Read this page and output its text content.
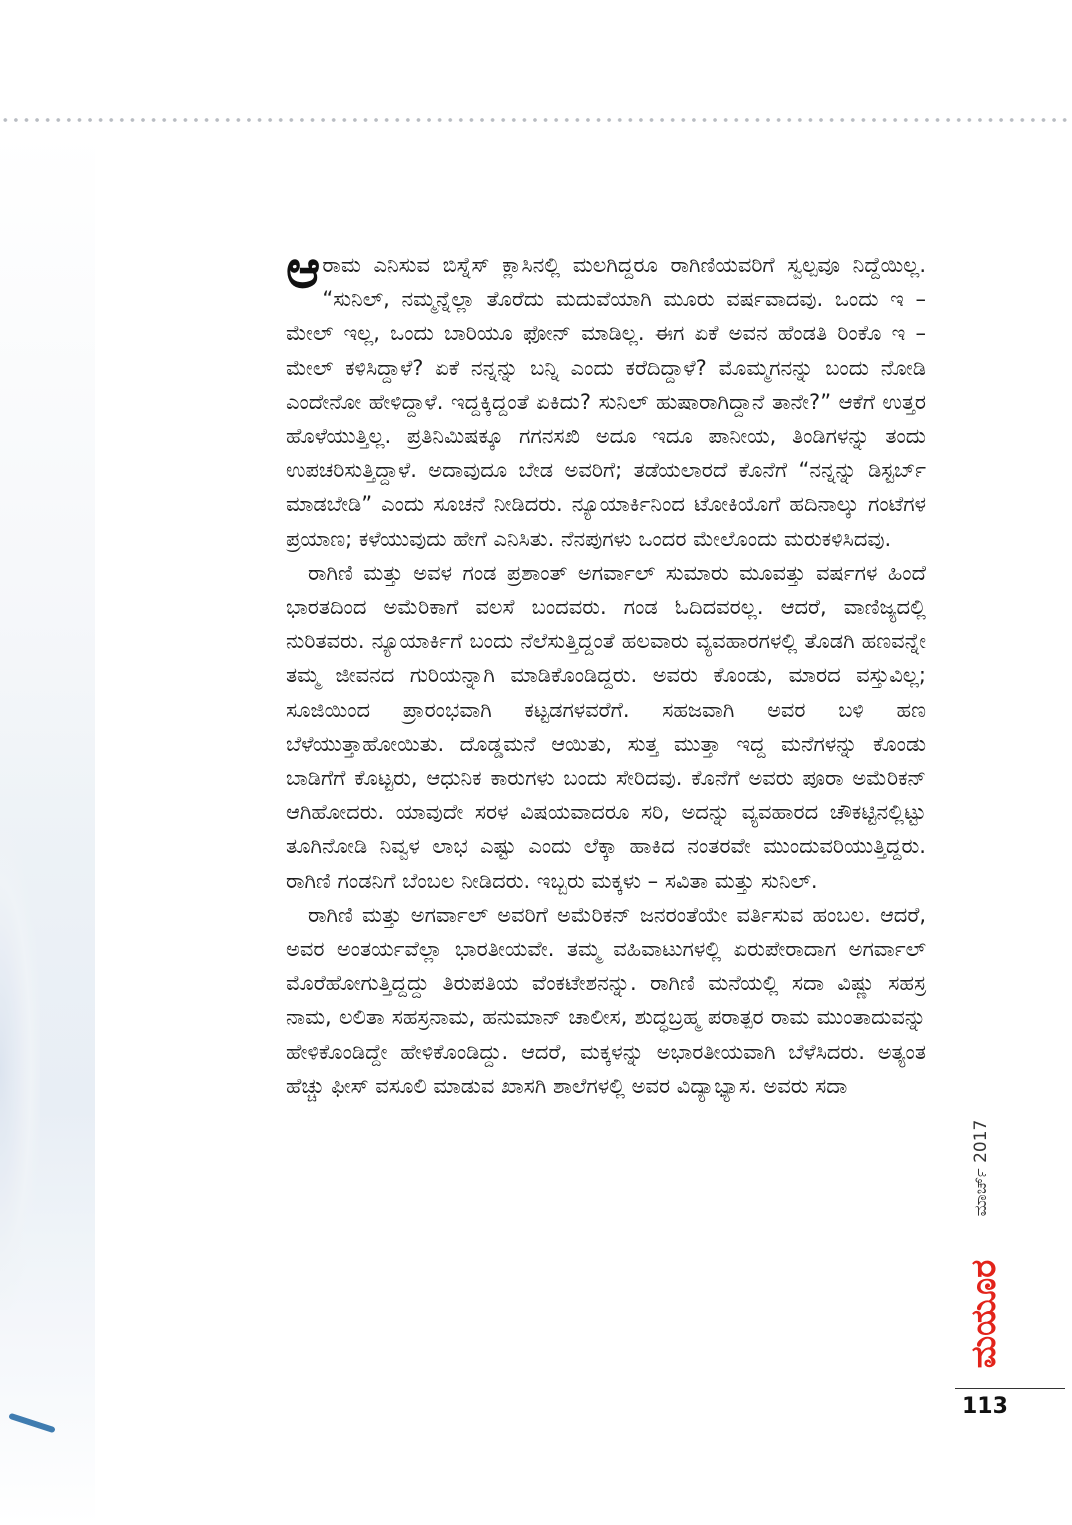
ಆರಾಮ ಎನಿಸುವ ಬಿಸ್ನೆಸ್ ಕ್ಲಾಸಿನಲ್ಲಿ ಮಲಗಿದ್ದರೂ ರಾಗಿಣಿಯವರಿಗೆ ಸ್ವಲ್ಪವೂ ನಿದ್ದೆಯಿಲ್ಲ. “ಸುನಿಲ್, ನಮ್ಮನ್ನೆಲ್ಲಾ ತೊರೆದು ಮದುವೆಯಾಗಿ ಮೂರು ವರ್ಷವಾದವು. ಒಂದು ಇ – ಮೇಲ್ ಇಲ್ಲ, ಒಂದು ಬಾರಿಯೂ ಫೋನ್ ಮಾಡಿಲ್ಲ. ಈಗ ಏಕೆ ಅವನ ಹೆಂಡತಿ ರಿಂಕೊ ಇ – ಮೇಲ್ ಕಳಿಸಿದ್ದಾಳೆ? ಏಕೆ ನನ್ನನ್ನು ಬನ್ನಿ ಎಂದು ಕರೆದಿದ್ದಾಳೆ? ಮೊಮ್ಮಗನನ್ನು ಬಂದು ನೋಡಿ ಎಂದೇನೋ ಹೇಳಿದ್ದಾಳೆ. ಇದ್ದಕ್ಕಿದ್ದಂತೆ ಏಕಿದು? ಸುನಿಲ್ ಹುಷಾರಾಗಿದ್ದಾನೆ ತಾನೇ?” ಆಕೆಗೆ ಉತ್ತರ ಹೊಳೆಯುತ್ತಿಲ್ಲ. ಪ್ರತಿನಿಮಿಷಕ್ಕೂ ಗಗನಸಖಿ ಅದೂ ಇದೂ ಪಾನೀಯ, ತಿಂಡಿಗಳನ್ನು ತಂದು ಉಪಚರಿಸುತ್ತಿದ್ದಾಳೆ. ಅದಾವುದೂ ಬೇಡ ಅವರಿಗೆ; ತಡೆಯಲಾರದೆ ಕೊನೆಗೆ “ನನ್ನನ್ನು ಡಿಸ್ಟರ್ಬ್ ಮಾಡಬೇಡಿ” ಎಂದು ಸೂಚನೆ ನೀಡಿದರು. ನ್ಯೂಯಾರ್ಕಿನಿಂದ ಟೋಕಿಯೊಗೆ ಹದಿನಾಲ್ಕು ಗಂಟೆಗಳ ಪ್ರಯಾಣ; ಕಳೆಯುವುದು ಹೇಗೆ ಎನಿಸಿತು. ನೆನಪುಗಳು ಒಂದರ ಮೇಲೊಂದು ಮರುಕಳಿಸಿದವು.

ರಾಗಿಣಿ ಮತ್ತು ಅವಳ ಗಂಡ ಪ್ರಶಾಂತ್ ಅಗರ್ವಾಲ್ ಸುಮಾರು ಮೂವತ್ತು ವರ್ಷಗಳ ಹಿಂದೆ ಭಾರತದಿಂದ ಅಮೆರಿಕಾಗೆ ವಲಸೆ ಬಂದವರು. ಗಂಡ ಓದಿದವರಲ್ಲ. ಆದರೆ, ವಾಣಿಜ್ಯದಲ್ಲಿ ನುರಿತವರು. ನ್ಯೂಯಾರ್ಕಿಗೆ ಬಂದು ನೆಲೆಸುತ್ತಿದ್ದಂತೆ ಹಲವಾರು ವ್ಯವಹಾರಗಳಲ್ಲಿ ತೊಡಗಿ ಹಣವನ್ನೇ ತಮ್ಮ ಜೀವನದ ಗುರಿಯನ್ನಾಗಿ ಮಾಡಿಕೊಂಡಿದ್ದರು. ಅವರು ಕೊಂಡು, ಮಾರದ ವಸ್ತುವಿಲ್ಲ; ಸೂಜಿಯಿಂದ ಪ್ರಾರಂಭವಾಗಿ ಕಟ್ಟಡಗಳವರೆಗೆ. ಸಹಜವಾಗಿ ಅವರ ಬಳಿ ಹಣ ಬೆಳೆಯುತ್ತಾಹೋಯಿತು. ದೊಡ್ಡಮನೆ ಆಯಿತು, ಸುತ್ತ ಮುತ್ತಾ ಇದ್ದ ಮನೆಗಳನ್ನು ಕೊಂಡು ಬಾಡಿಗೆಗೆ ಕೊಟ್ಟರು, ಆಧುನಿಕ ಕಾರುಗಳು ಬಂದು ಸೇರಿದವು. ಕೊನೆಗೆ ಅವರು ಪೂರಾ ಅಮೆರಿಕನ್ ಆಗಿಹೋದರು. ಯಾವುದೇ ಸರಳ ವಿಷಯವಾದರೂ ಸರಿ, ಅದನ್ನು ವ್ಯವಹಾರದ ಚೌಕಟ್ಟಿನಲ್ಲಿಟ್ಟು ತೂಗಿನೋಡಿ ನಿವ್ವಳ ಲಾಭ ಎಷ್ಟು ಎಂದು ಲೆಕ್ಕಾ ಹಾಕಿದ ನಂತರವೇ ಮುಂದುವರಿಯುತ್ತಿದ್ದರು. ರಾಗಿಣಿ ಗಂಡನಿಗೆ ಬೆಂಬಲ ನೀಡಿದರು. ಇಬ್ಬರು ಮಕ್ಕಳು – ಸವಿತಾ ಮತ್ತು ಸುನಿಲ್.

ರಾಗಿಣಿ ಮತ್ತು ಅಗರ್ವಾಲ್ ಅವರಿಗೆ ಅಮೆರಿಕನ್ ಜನರಂತೆಯೇ ವರ್ತಿಸುವ ಹಂಬಲ. ಆದರೆ, ಅವರ ಅಂತರ್ಯವೆಲ್ಲಾ ಭಾರತೀಯವೇ. ತಮ್ಮ ವಹಿವಾಟುಗಳಲ್ಲಿ ಏರುಪೇರಾದಾಗ ಅಗರ್ವಾಲ್ ಮೊರೆಹೋಗುತ್ತಿದ್ದದ್ದು ತಿರುಪತಿಯ ವೆಂಕಟೇಶನನ್ನು. ರಾಗಿಣಿ ಮನೆಯಲ್ಲಿ ಸದಾ ವಿಷ್ಣು ಸಹಸ್ರ ನಾಮ, ಲಲಿತಾ ಸಹಸ್ರನಾಮ, ಹನುಮಾನ್ ಚಾಲೀಸ, ಶುದ್ಧಬ್ರಹ್ಮ ಪರಾತ್ಪರ ರಾಮ ಮುಂತಾದುವನ್ನು ಹೇಳಿಕೊಂಡಿದ್ದೇ ಹೇಳಿಕೊಂಡಿದ್ದು. ಆದರೆ, ಮಕ್ಕಳನ್ನು ಅಭಾರತೀಯವಾಗಿ ಬೆಳೆಸಿದರು. ಅತ್ಯಂತ ಹೆಚ್ಚು ಫೀಸ್ ವಸೂಲಿ ಮಾಡುವ ಖಾಸಗಿ ಶಾಲೆಗಳಲ್ಲಿ ಅವರ ವಿದ್ಯಾಭ್ಯಾಸ. ಅವರು ಸದಾ

ಮಾರ್ಚ್ 2017
ಮಯೂರ
113
